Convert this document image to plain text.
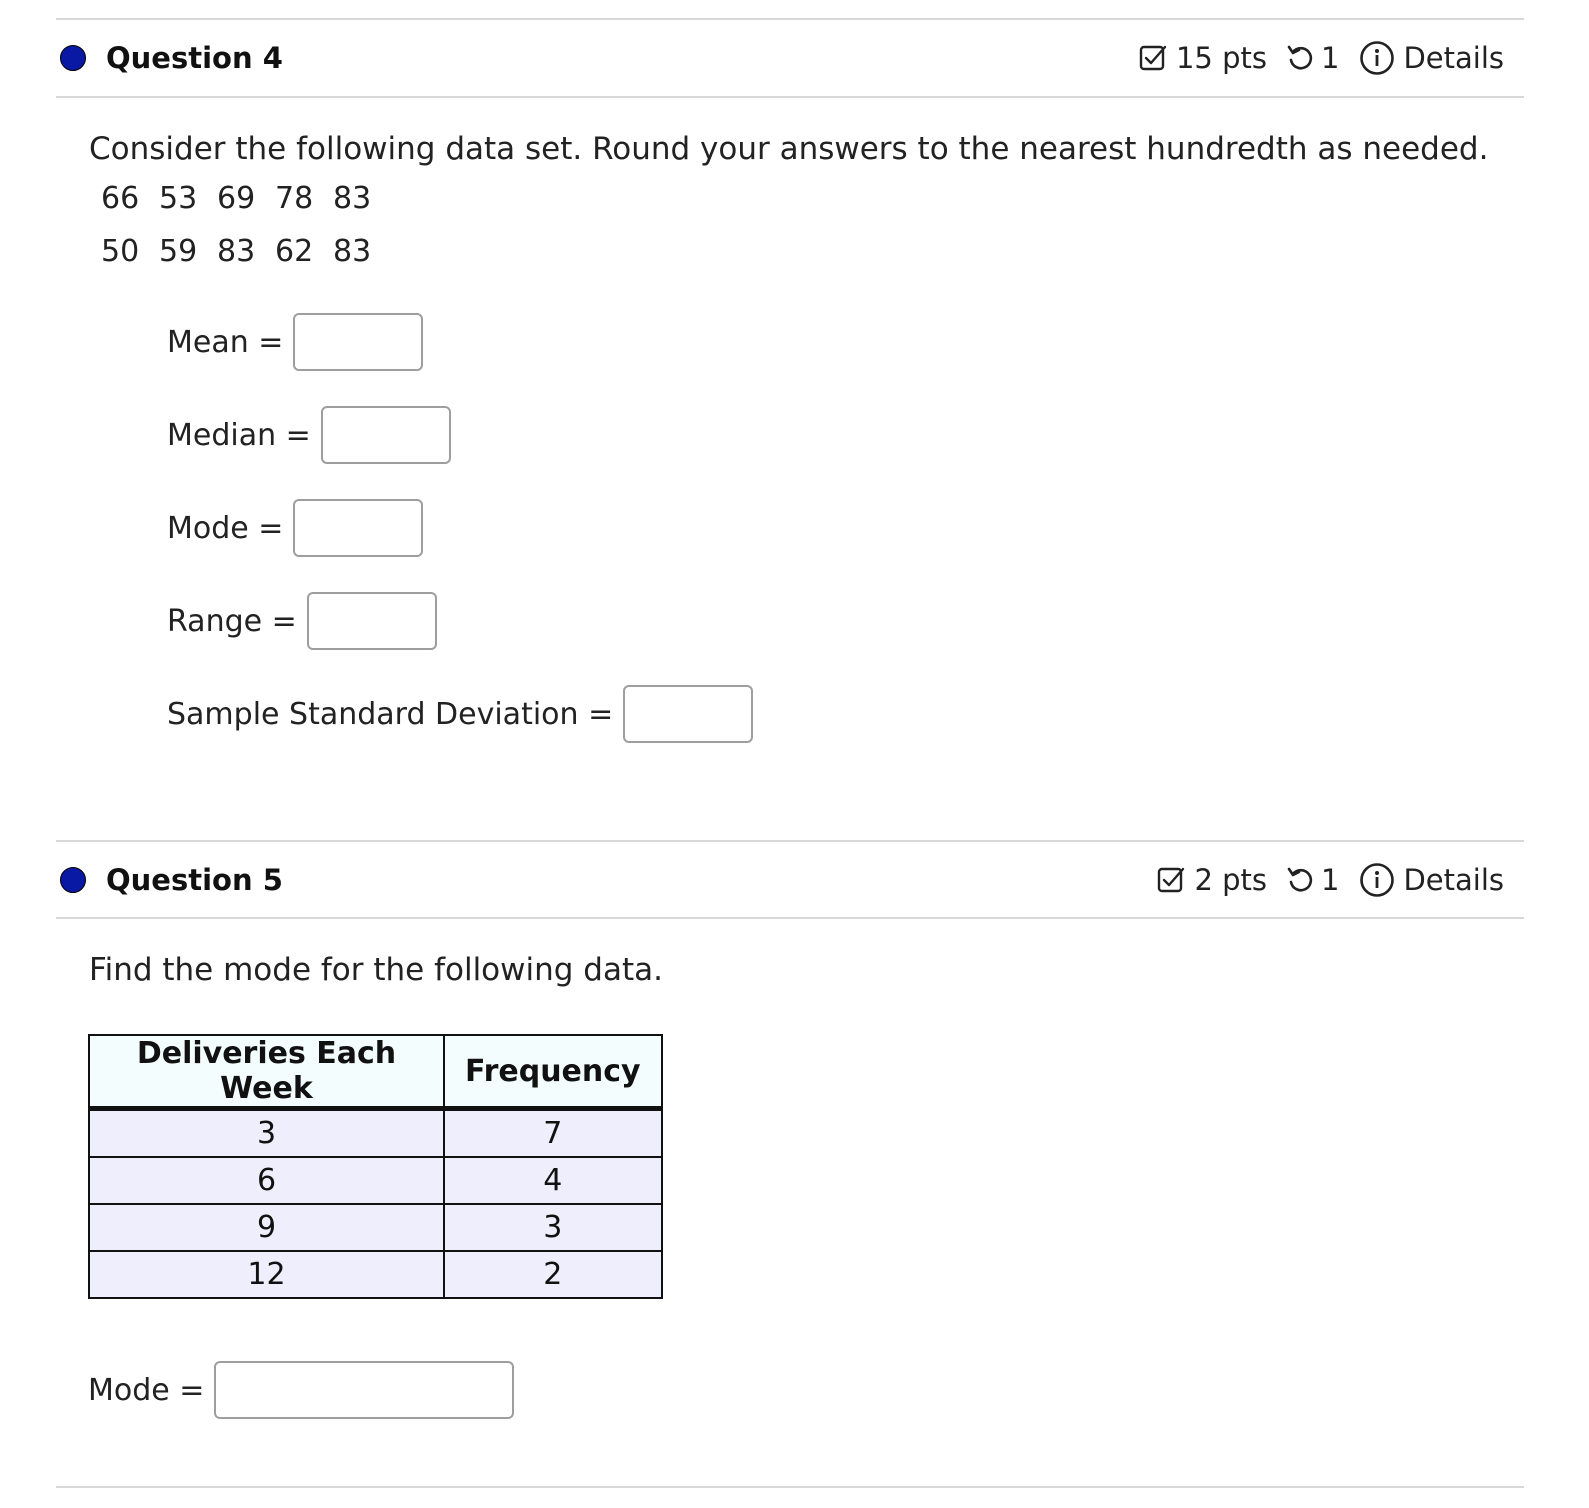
Question 4	15 pts 1 Details
Consider the following data set. Round your answers to the nearest hundredth as needed.
66 53 69 78 83
50 59 83 62 83
Mean =
Median =
Mode =
Range =
Sample Standard Deviation =
Question 5	2 pts 1 Details
Find the mode for the following data.
Deliveries Each Week	Frequency
3	7
6	4
9	3
12	2
Mode =
